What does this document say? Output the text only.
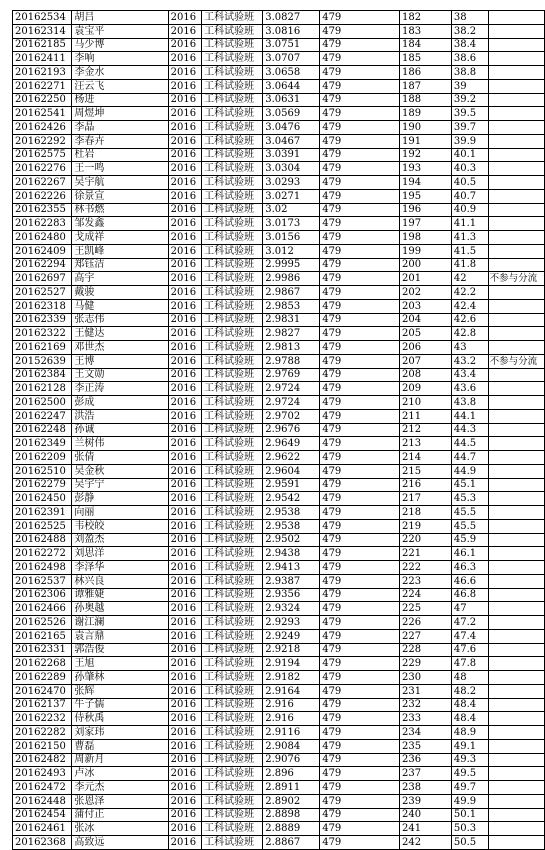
20162534	胡吕	2016	工科试验班	3.0827	479	182	38	
20162314	袁宝平	2016	工科试验班	3.0816	479	183	38.2	
20162185	马少博	2016	工科试验班	3.0751	479	184	38.4	
20162411	李响	2016	工科试验班	3.0707	479	185	38.6	
20162193	李金水	2016	工科试验班	3.0658	479	186	38.8	
20162271	汪云飞	2016	工科试验班	3.0644	479	187	39	
20162250	杨进	2016	工科试验班	3.0631	479	188	39.2	
20162541	周煜坤	2016	工科试验班	3.0569	479	189	39.5	
20162426	李晶	2016	工科试验班	3.0476	479	190	39.7	
20162292	李春卉	2016	工科试验班	3.0467	479	191	39.9	
20162575	杜岩	2016	工科试验班	3.0391	479	192	40.1	
20162276	王一鸣	2016	工科试验班	3.0304	479	193	40.3	
20162267	吴宇航	2016	工科试验班	3.0293	479	194	40.5	
20162226	徐景宣	2016	工科试验班	3.0271	479	195	40.7	
20162355	林书燃	2016	工科试验班	3.02	479	196	40.9	
20162283	邹发鑫	2016	工科试验班	3.0173	479	197	41.1	
20162480	戈成祥	2016	工科试验班	3.0156	479	198	41.3	
20162409	王凯峰	2016	工科试验班	3.012	479	199	41.5	
20162294	郑钰洁	2016	工科试验班	2.9995	479	200	41.8	
20162697	高宇	2016	工科试验班	2.9986	479	201	42	不参与分流
20162527	戴骏	2016	工科试验班	2.9867	479	202	42.2	
20162318	马健	2016	工科试验班	2.9853	479	203	42.4	
20162339	张志伟	2016	工科试验班	2.9831	479	204	42.6	
20162322	王健达	2016	工科试验班	2.9827	479	205	42.8	
20162169	邓世杰	2016	工科试验班	2.9813	479	206	43	
20152639	王博	2016	工科试验班	2.9788	479	207	43.2	不参与分流
20162384	王文勋	2016	工科试验班	2.9769	479	208	43.4	
20162128	李正涛	2016	工科试验班	2.9724	479	209	43.6	
20162500	彭成	2016	工科试验班	2.9724	479	210	43.8	
20162247	洪浩	2016	工科试验班	2.9702	479	211	44.1	
20162248	孙诚	2016	工科试验班	2.9676	479	212	44.3	
20162349	兰树伟	2016	工科试验班	2.9649	479	213	44.5	
20162209	张倩	2016	工科试验班	2.9622	479	214	44.7	
20162510	吴金秋	2016	工科试验班	2.9604	479	215	44.9	
20162279	吴宇宁	2016	工科试验班	2.9591	479	216	45.1	
20162450	彭静	2016	工科试验班	2.9542	479	217	45.3	
20162391	向丽	2016	工科试验班	2.9538	479	218	45.5	
20162525	韦校皎	2016	工科试验班	2.9538	479	219	45.5	
20162488	刘盈杰	2016	工科试验班	2.9502	479	220	45.9	
20162272	刘思洋	2016	工科试验班	2.9438	479	221	46.1	
20162498	李泽华	2016	工科试验班	2.9413	479	222	46.3	
20162537	林兴良	2016	工科试验班	2.9387	479	223	46.6	
20162306	谭雅婕	2016	工科试验班	2.9356	479	224	46.8	
20162466	孙奥越	2016	工科试验班	2.9324	479	225	47	
20162526	谢江澜	2016	工科试验班	2.9293	479	226	47.2	
20162165	袁言鼎	2016	工科试验班	2.9249	479	227	47.4	
20162331	郭浩俊	2016	工科试验班	2.9218	479	228	47.6	
20162268	王旭	2016	工科试验班	2.9194	479	229	47.8	
20162289	孙肇林	2016	工科试验班	2.9182	479	230	48	
20162470	张辉	2016	工科试验班	2.9164	479	231	48.2	
20162137	牛子儒	2016	工科试验班	2.916	479	232	48.4	
20162232	侍秋禹	2016	工科试验班	2.916	479	233	48.4	
20162282	刘家玮	2016	工科试验班	2.9116	479	234	48.9	
20162150	曹磊	2016	工科试验班	2.9084	479	235	49.1	
20162482	周新月	2016	工科试验班	2.9076	479	236	49.3	
20162493	卢冰	2016	工科试验班	2.896	479	237	49.5	
20162472	李元杰	2016	工科试验班	2.8911	479	238	49.7	
20162448	张恩泽	2016	工科试验班	2.8902	479	239	49.9	
20162454	蒲付正	2016	工科试验班	2.8898	479	240	50.1	
20162461	张冰	2016	工科试验班	2.8889	479	241	50.3	
20162368	高致远	2016	工科试验班	2.8867	479	242	50.5	
